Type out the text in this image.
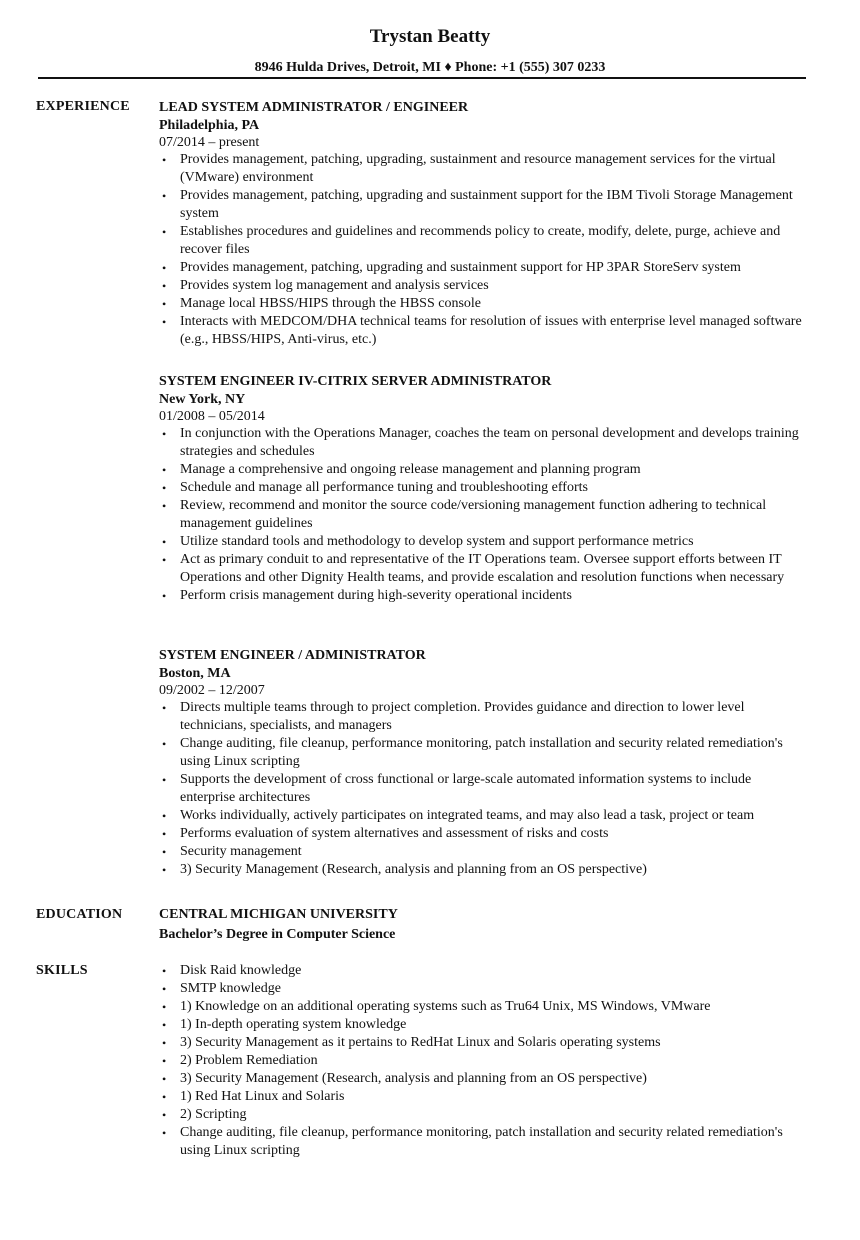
Trystan Beatty
8946 Hulda Drives, Detroit, MI ♦ Phone: +1 (555) 307 0233
EXPERIENCE LEAD SYSTEM ADMINISTRATOR / ENGINEER
Philadelphia, PA
07/2014 – present
• Provides management, patching, upgrading, sustainment and resource management services for the virtual (VMware) environment
• Provides management, patching, upgrading and sustainment support for the IBM Tivoli Storage Management system
• Establishes procedures and guidelines and recommends policy to create, modify, delete, purge, achieve and recover files
• Provides management, patching, upgrading and sustainment support for HP 3PAR StoreServ system
• Provides system log management and analysis services
• Manage local HBSS/HIPS through the HBSS console
• Interacts with MEDCOM/DHA technical teams for resolution of issues with enterprise level managed software (e.g., HBSS/HIPS, Anti-virus, etc.)
SYSTEM ENGINEER IV-CITRIX SERVER ADMINISTRATOR
New York, NY
01/2008 – 05/2014
• In conjunction with the Operations Manager, coaches the team on personal development and develops training strategies and schedules
• Manage a comprehensive and ongoing release management and planning program
• Schedule and manage all performance tuning and troubleshooting efforts
• Review, recommend and monitor the source code/versioning management function adhering to technical management guidelines
• Utilize standard tools and methodology to develop system and support performance metrics
• Act as primary conduit to and representative of the IT Operations team. Oversee support efforts between IT Operations and other Dignity Health teams, and provide escalation and resolution functions when necessary
• Perform crisis management during high-severity operational incidents
SYSTEM ENGINEER / ADMINISTRATOR
Boston, MA
09/2002 – 12/2007
• Directs multiple teams through to project completion. Provides guidance and direction to lower level technicians, specialists, and managers
• Change auditing, file cleanup, performance monitoring, patch installation and security related remediation's using Linux scripting
• Supports the development of cross functional or large-scale automated information systems to include enterprise architectures
• Works individually, actively participates on integrated teams, and may also lead a task, project or team
• Performs evaluation of system alternatives and assessment of risks and costs
• Security management
• 3) Security Management (Research, analysis and planning from an OS perspective)
EDUCATION	CENTRAL MICHIGAN UNIVERSITY
Bachelor’s Degree in Computer Science
SKILLS	• Disk Raid knowledge
• SMTP knowledge
• 1) Knowledge on an additional operating systems such as Tru64 Unix, MS Windows, VMware
• 1) In-depth operating system knowledge
• 3) Security Management as it pertains to RedHat Linux and Solaris operating systems
• 2) Problem Remediation
• 3) Security Management (Research, analysis and planning from an OS perspective)
• 1) Red Hat Linux and Solaris
• 2) Scripting
• Change auditing, file cleanup, performance monitoring, patch installation and security related remediation's using Linux scripting
